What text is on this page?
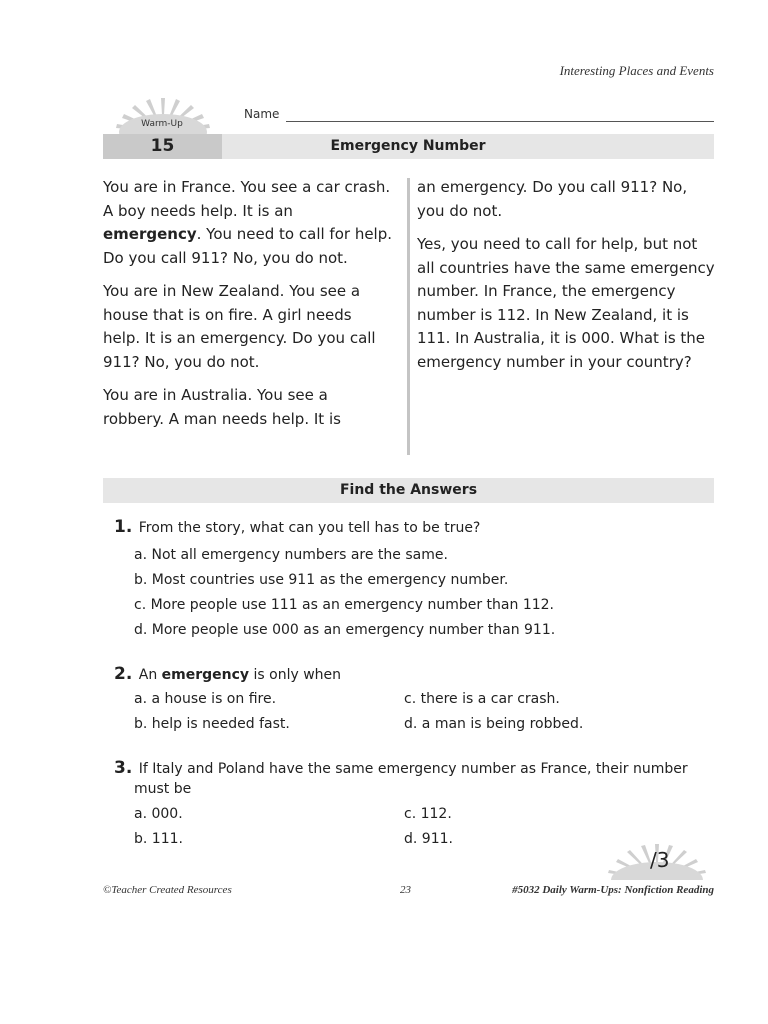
Interesting Places and Events
Warm-Up
Name
15	Emergency Number

You are in France. You see a car crash. A boy needs help. It is an emergency. You need to call for help. Do you call 911? No, you do not.

You are in New Zealand. You see a house that is on fire. A girl needs help. It is an emergency. Do you call 911? No, you do not.

You are in Australia. You see a robbery. A man needs help. It is

an emergency. Do you call 911? No, you do not.

Yes, you need to call for help, but not all countries have the same emergency number. In France, the emergency number is 112. In New Zealand, it is 111. In Australia, it is 000. What is the emergency number in your country?

Find the Answers
1. From the story, what can you tell has to be true?
a. Not all emergency numbers are the same.
b. Most countries use 911 as the emergency number.
c. More people use 111 as an emergency number than 112.
d. More people use 000 as an emergency number than 911.
2. An emergency is only when
a. a house is on fire.	c. there is a car crash.
b. help is needed fast.	d. a man is being robbed.
3. If Italy and Poland have the same emergency number as France, their number
must be
a. 000.	c. 112.
b. 111.	d. 911.
/3
©Teacher Created Resources	23	#5032 Daily Warm-Ups: Nonfiction Reading
